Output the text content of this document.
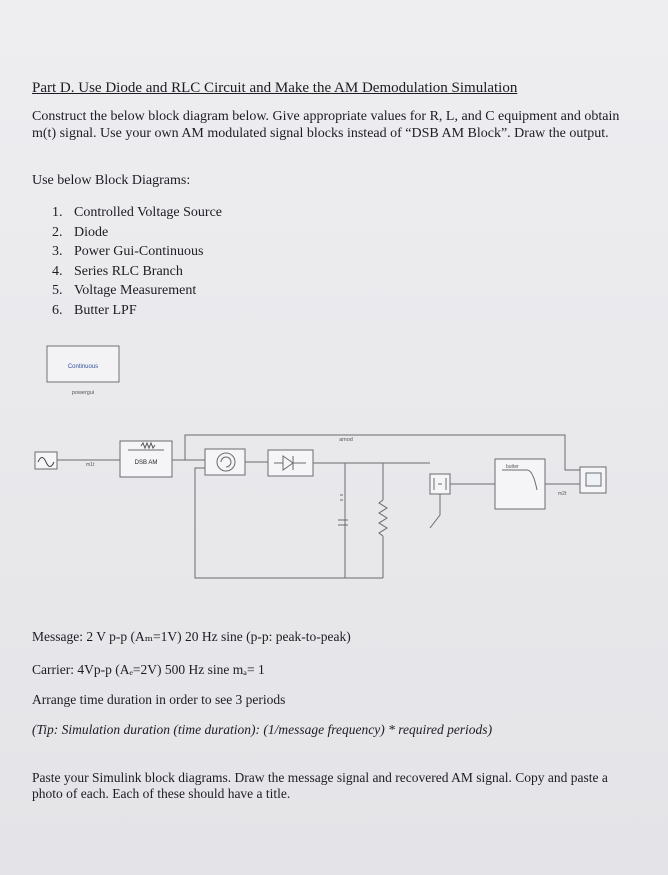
Part D. Use Diode and RLC Circuit and Make the AM Demodulation Simulation
Construct the below block diagram below. Give appropriate values for R, L, and C equipment and obtain m(t) signal. Use your own AM modulated signal blocks instead of “DSB AM Block”. Draw the output.
Use below Block Diagrams:
1. Controlled Voltage Source
2. Diode
3. Power Gui-Continuous
4. Series RLC Branch
5. Voltage Measurement
6. Butter LPF
Continuous
powergui
m1t	DSB AM
amod
butter
m2t
Message: 2 V p-p (Aₘ=1V) 20 Hz sine (p-p: peak-to-peak)
Carrier: 4Vp-p (Aₑ=2V) 500 Hz sine mₐ= 1
Arrange time duration in order to see 3 periods
(Tip: Simulation duration (time duration): (1/message frequency) * required periods)
Paste your Simulink block diagrams. Draw the message signal and recovered AM signal. Copy and paste a photo of each. Each of these should have a title.
